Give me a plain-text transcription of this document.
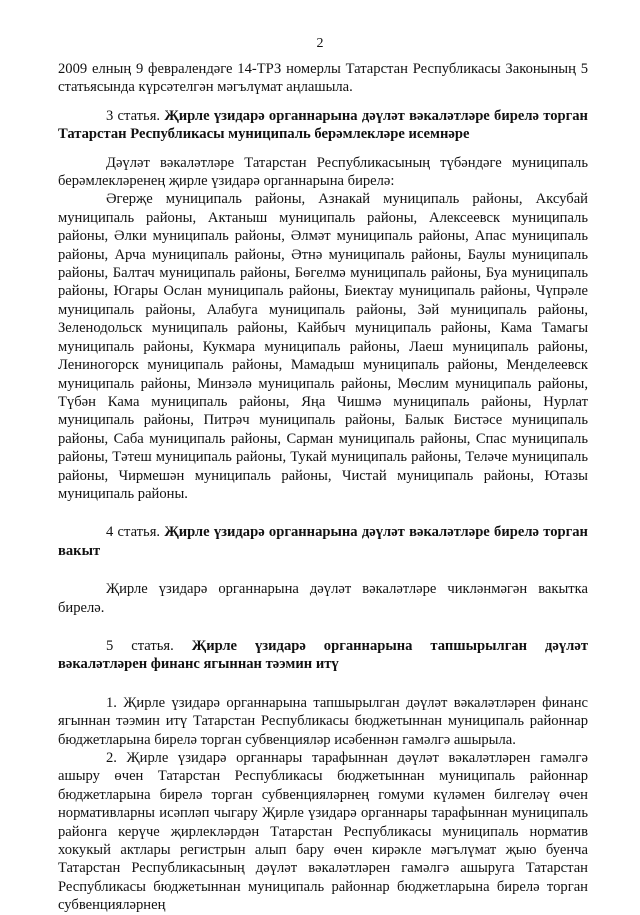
2

2009 елның 9 февралендәге 14-ТРЗ номерлы Татарстан Республикасы Законының 5 статьясында күрсәтелгән мәгълүмат аңлашыла.

3 статья. Җирле үзидарә органнарына дәүләт вәкаләтләре бирелә торган Татарстан Республикасы муниципаль берәмлекләре исемнәре

Дәүләт вәкаләтләре Татарстан Республикасының түбәндәге муниципаль берәмлекләренең җирле үзидарә органнарына бирелә:

Әгерҗе муниципаль районы, Азнакай муниципаль районы, Аксубай муниципаль районы, Актаныш муниципаль районы, Алексеевск муниципаль районы, Әлки муниципаль районы, Әлмәт муниципаль районы, Апас муниципаль районы, Арча муниципаль районы, Әтнә муниципаль районы, Баулы муниципаль районы, Балтач муниципаль районы, Бөгелмә муниципаль районы, Буа муниципаль районы, Югары Ослан муниципаль районы, Биектау муниципаль районы, Чүпрәле муниципаль районы, Алабуга муниципаль районы, Зәй муниципаль районы, Зеленодольск муниципаль районы, Кайбыч муниципаль районы, Кама Тамагы муниципаль районы, Кукмара муниципаль районы, Лаеш муниципаль районы, Лениногорск муниципаль районы, Мамадыш муниципаль районы, Менделеевск муниципаль районы, Минзәлә муниципаль районы, Мөслим муниципаль районы, Түбән Кама муниципаль районы, Яңа Чишмә муниципаль районы, Нурлат муниципаль районы, Питрәч муниципаль районы, Балык Бистәсе муниципаль районы, Саба муниципаль районы, Сарман муниципаль районы, Спас муниципаль районы, Тәтеш муниципаль районы, Тукай муниципаль районы, Теләче муниципаль районы, Чирмешән муниципаль районы, Чистай муниципаль районы, Ютазы муниципаль районы.

4 статья. Җирле үзидарә органнарына дәүләт вәкаләтләре бирелә торган вакыт

Җирле үзидарә органнарына дәүләт вәкаләтләре чикләнмәгән вакытка бирелә.

5 статья. Җирле үзидарә органнарына тапшырылган дәүләт вәкаләтләрен финанс ягыннан тәэмин итү

1. Җирле үзидарә органнарына тапшырылган дәүләт вәкаләтләрен финанс ягыннан тәэмин итү Татарстан Республикасы бюджетыннан муниципаль районнар бюджетларына бирелә торган субвенцияләр исәбеннән гамәлгә ашырыла.

2. Җирле үзидарә органнары тарафыннан дәүләт вәкаләтләрен гамәлгә ашыру өчен Татарстан Республикасы бюджетыннан муниципаль районнар бюджетларына бирелә торган субвенцияләрнең гомуми күләмен билгеләү өчен нормативларны исәпләп чыгару Җирле үзидарә органнары тарафыннан муниципаль районга керүче җирлекләрдән Татарстан Республикасы муниципаль норматив хокукый актлары регистрын алып бару өчен кирәкле мәгълүмат җыю буенча Татарстан Республикасының дәүләт вәкаләтләрен гамәлгә ашыруга Татарстан Республикасы бюджетыннан муниципаль районнар бюджетларына бирелә торган субвенцияләрнең
